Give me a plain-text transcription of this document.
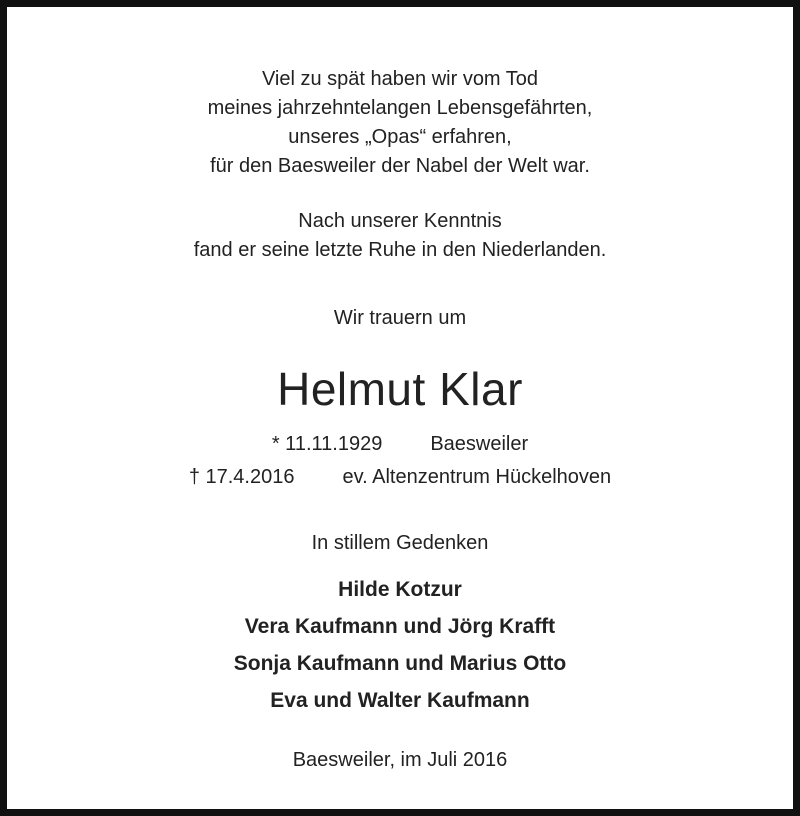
Viel zu spät haben wir vom Tod

meines jahrzehntelangen Lebensgefährten,

unseres „Opas“ erfahren,

für den Baesweiler der Nabel der Welt war.

Nach unserer Kenntnis

fand er seine letzte Ruhe in den Niederlanden.

Wir trauern um
Helmut Klar
* 11.11.1929 Baesweiler
† 17.4.2016 ev. Altenzentrum Hückelhoven
In stillem Gedenken

Hilde Kotzur

Vera Kaufmann und Jörg Krafft

Sonja Kaufmann und Marius Otto

Eva und Walter Kaufmann

Baesweiler, im Juli 2016
